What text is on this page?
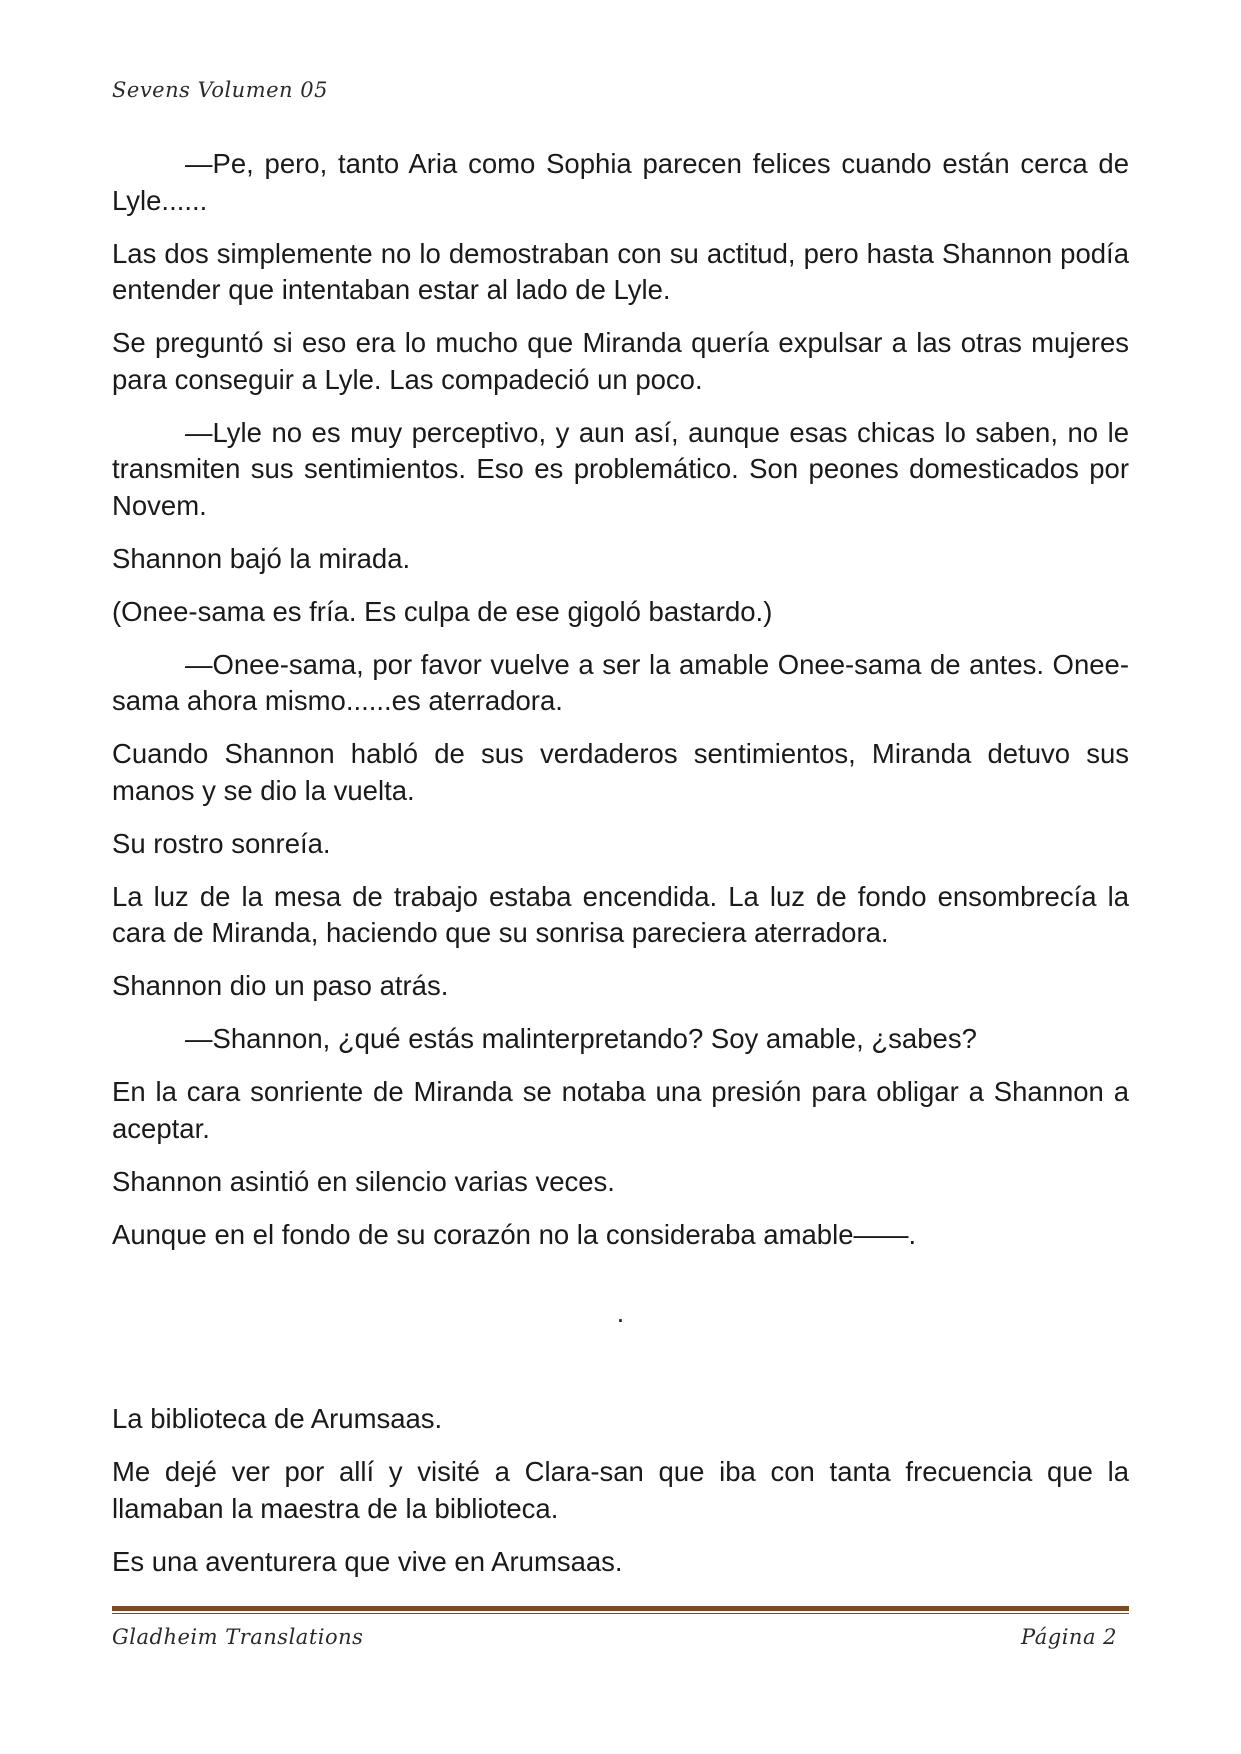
Sevens Volumen 05

—Pe, pero, tanto Aria como Sophia parecen felices cuando están cerca de Lyle......

Las dos simplemente no lo demostraban con su actitud, pero hasta Shannon podía entender que intentaban estar al lado de Lyle.

Se preguntó si eso era lo mucho que Miranda quería expulsar a las otras mujeres para conseguir a Lyle. Las compadeció un poco.

—Lyle no es muy perceptivo, y aun así, aunque esas chicas lo saben, no le transmiten sus sentimientos. Eso es problemático. Son peones domesticados por Novem.

Shannon bajó la mirada.

(Onee-sama es fría. Es culpa de ese gigoló bastardo.)

—Onee-sama, por favor vuelve a ser la amable Onee-sama de antes. Onee-sama ahora mismo......es aterradora.

Cuando Shannon habló de sus verdaderos sentimientos, Miranda detuvo sus manos y se dio la vuelta.

Su rostro sonreía.

La luz de la mesa de trabajo estaba encendida. La luz de fondo ensombrecía la cara de Miranda, haciendo que su sonrisa pareciera aterradora.

Shannon dio un paso atrás.

—Shannon, ¿qué estás malinterpretando? Soy amable, ¿sabes?

En la cara sonriente de Miranda se notaba una presión para obligar a Shannon a aceptar.

Shannon asintió en silencio varias veces.

Aunque en el fondo de su corazón no la consideraba amable——.

.

La biblioteca de Arumsaas.

Me dejé ver por allí y visité a Clara-san que iba con tanta frecuencia que la llamaban la maestra de la biblioteca.

Es una aventurera que vive en Arumsaas.

Gladheim Translations	Página 2
